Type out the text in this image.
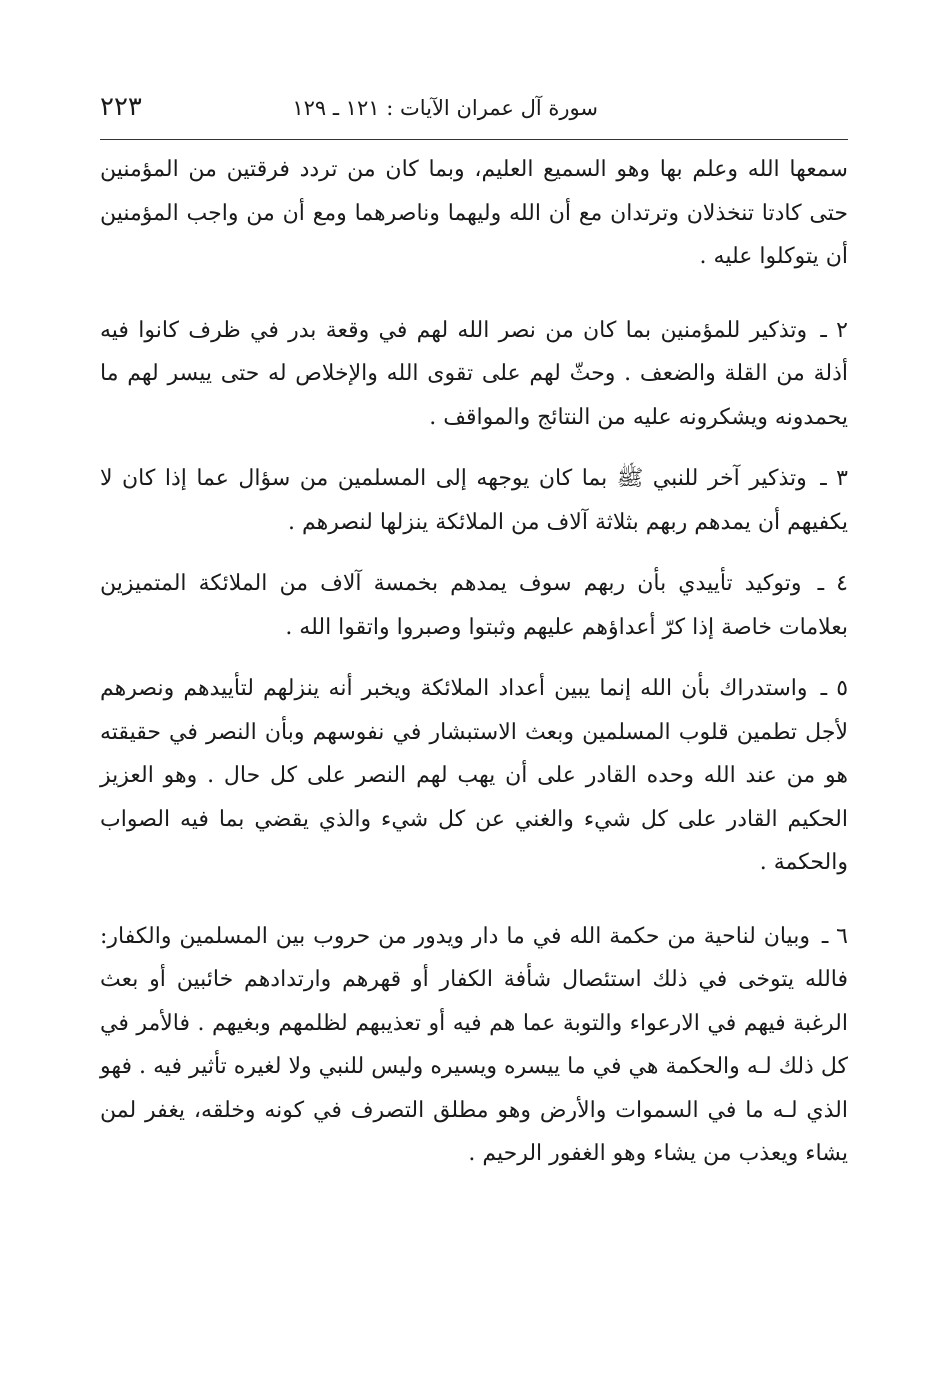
سورة آل عمران الآيات : ١٢١ ـ ١٢٩
٢٢٣

سمعها الله وعلم بها وهو السميع العليم، وبما كان من تردد فرقتين من المؤمنين حتى كادتا تنخذلان وترتدان مع أن الله وليهما وناصرهما ومع أن من واجب المؤمنين أن يتوكلوا عليه .

٢ ـ وتذكير للمؤمنين بما كان من نصر الله لهم في وقعة بدر في ظرف كانوا فيه أذلة من القلة والضعف . وحثّ لهم على تقوى الله والإخلاص له حتى ييسر لهم ما يحمدونه ويشكرونه عليه من النتائج والمواقف .

٣ ـ وتذكير آخر للنبي ﷺ بما كان يوجهه إلى المسلمين من سؤال عما إذا كان لا يكفيهم أن يمدهم ربهم بثلاثة آلاف من الملائكة ينزلها لنصرهم .

٤ ـ وتوكيد تأييدي بأن ربهم سوف يمدهم بخمسة آلاف من الملائكة المتميزين بعلامات خاصة إذا كرّ أعداؤهم عليهم وثبتوا وصبروا واتقوا الله .

٥ ـ واستدراك بأن الله إنما يبين أعداد الملائكة ويخبر أنه ينزلهم لتأييدهم ونصرهم لأجل تطمين قلوب المسلمين وبعث الاستبشار في نفوسهم وبأن النصر في حقيقته هو من عند الله وحده القادر على أن يهب لهم النصر على كل حال . وهو العزيز الحكيم القادر على كل شيء والغني عن كل شيء والذي يقضي بما فيه الصواب والحكمة .

٦ ـ وبيان لناحية من حكمة الله في ما دار ويدور من حروب بين المسلمين والكفار: فالله يتوخى في ذلك استئصال شأفة الكفار أو قهرهم وارتدادهم خائبين أو بعث الرغبة فيهم في الارعواء والتوبة عما هم فيه أو تعذيبهم لظلمهم وبغيهم . فالأمر في كل ذلك لـه والحكمة هي في ما ييسره ويسيره وليس للنبي ولا لغيره تأثير فيه . فهو الذي لـه ما في السموات والأرض وهو مطلق التصرف في كونه وخلقه، يغفر لمن يشاء ويعذب من يشاء وهو الغفور الرحيم .
